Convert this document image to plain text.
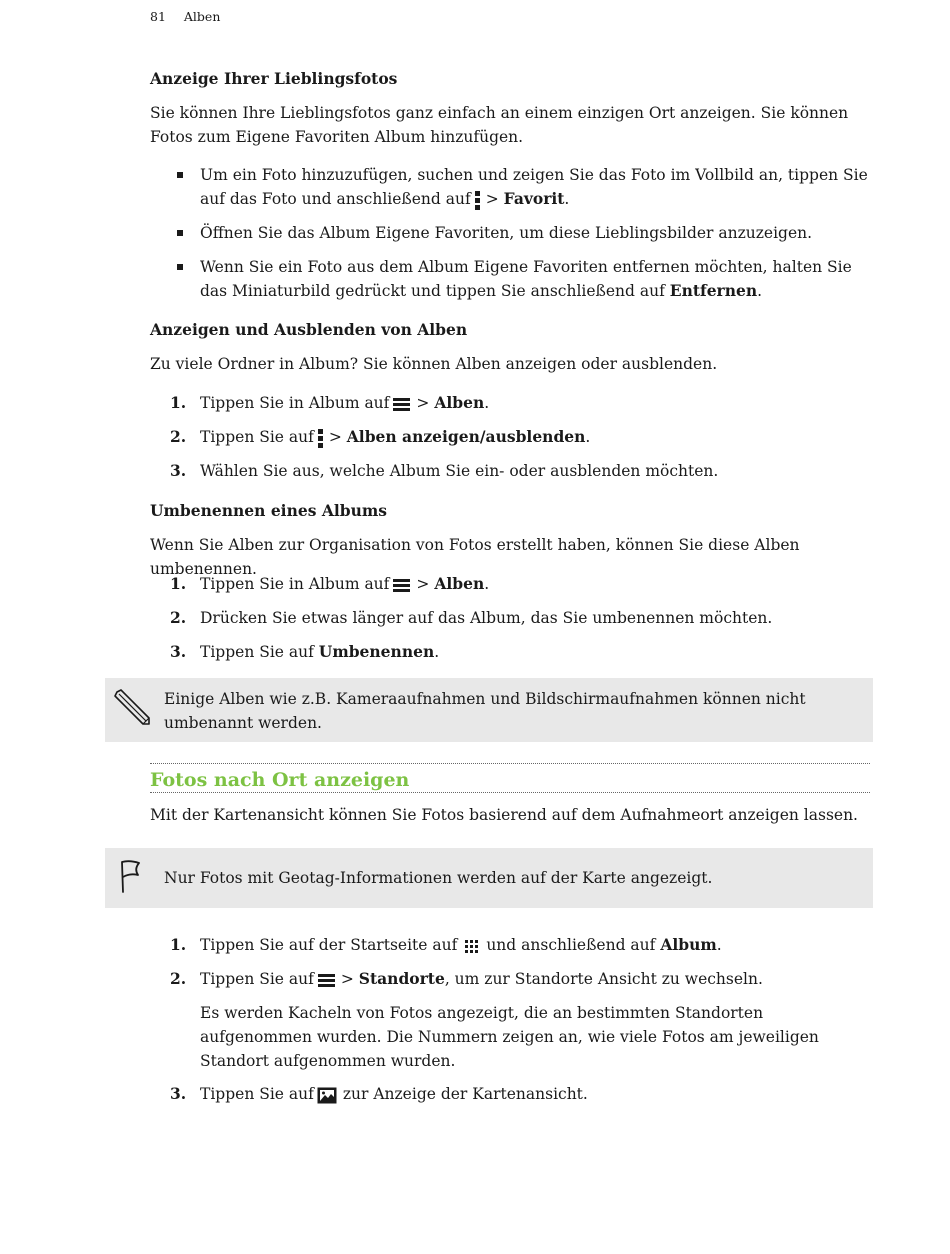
81 Alben
Anzeige Ihrer Lieblingsfotos
Sie können Ihre Lieblingsfotos ganz einfach an einem einzigen Ort anzeigen. Sie können Fotos zum Eigene Favoriten Album hinzufügen.
Um ein Foto hinzuzufügen, suchen und zeigen Sie das Foto im Vollbild an, tippen Sie auf das Foto und anschließend auf > Favorit.
Öffnen Sie das Album Eigene Favoriten, um diese Lieblingsbilder anzuzeigen.
Wenn Sie ein Foto aus dem Album Eigene Favoriten entfernen möchten, halten Sie das Miniaturbild gedrückt und tippen Sie anschließend auf Entfernen.
Anzeigen und Ausblenden von Alben
Zu viele Ordner in Album? Sie können Alben anzeigen oder ausblenden.
1. Tippen Sie in Album auf > Alben.
2. Tippen Sie auf > Alben anzeigen/ausblenden.
3. Wählen Sie aus, welche Album Sie ein- oder ausblenden möchten.
Umbenennen eines Albums
Wenn Sie Alben zur Organisation von Fotos erstellt haben, können Sie diese Alben umbenennen.
1. Tippen Sie in Album auf > Alben.
2. Drücken Sie etwas länger auf das Album, das Sie umbenennen möchten.
3. Tippen Sie auf Umbenennen.
Einige Alben wie z.B. Kameraaufnahmen und Bildschirmaufnahmen können nicht umbenannt werden.
Fotos nach Ort anzeigen
Mit der Kartenansicht können Sie Fotos basierend auf dem Aufnahmeort anzeigen lassen.
Nur Fotos mit Geotag-Informationen werden auf der Karte angezeigt.
1. Tippen Sie auf der Startseite auf und anschließend auf Album.
2. Tippen Sie auf > Standorte, um zur Standorte Ansicht zu wechseln.
Es werden Kacheln von Fotos angezeigt, die an bestimmten Standorten aufgenommen wurden. Die Nummern zeigen an, wie viele Fotos am jeweiligen Standort aufgenommen wurden.
3. Tippen Sie auf zur Anzeige der Kartenansicht.
